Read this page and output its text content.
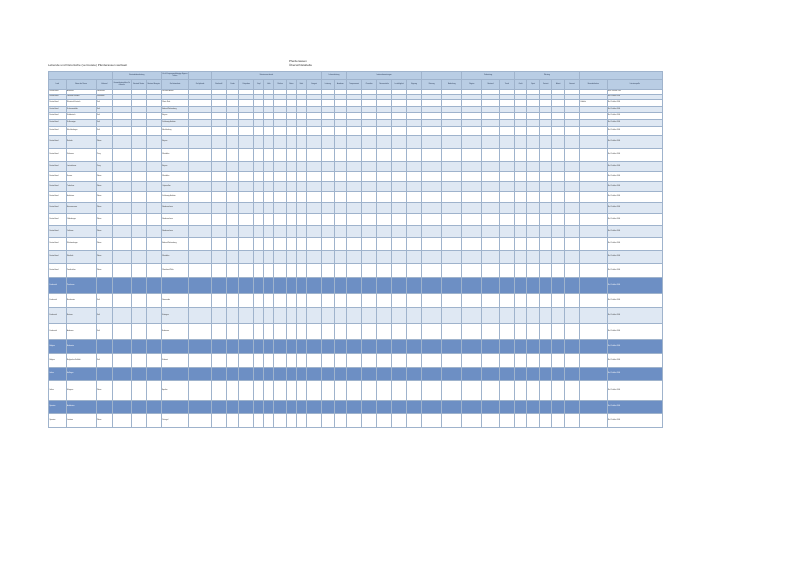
Lebende und historische (vermutete) Pferderassen weltweit
Pferderassen
Übersichtstabelle
			Bestandsbearbeitung			Zucht Ursprungsabhängige Eigenschaften		Exterieurmerkmale									Lebensleistung		Interieurbewertungen							Verbreitung			Wertung						
Land	Name der Rasse	Verband	Gesamtbestand des Zuchtbuchs	Bestand Stuten	Bestand Hengste	Zuchtstandorte	Zuchtpferde	Stockmaß	Farbe	Körperbau	Kopf	Hals	Rücken	Beine	Hufe	Gangart	Leistung	Ausdauer	Temperament	Charakter	Nervenstärke	Lernfähigkeit	Eignung	Nutzung	Bedrohung	Region	Bestand	Trend	Zucht	Sport	Freizeit	Arbeit	Gesamt	Besonderheiten	Literaturquelle
Deutschland	Altmärker	Weserland				Sachsen-Anhalt																													Hoff / Schäfer 2004
Deutschland	Lehmann Kaltblut	Rheinland																																	Ref. Schäfer 2004
Deutschland	Rheinisch-Deutsch	Kalt				Rhein Ruhr																												Kaltblut	Ref. Schäfer 2004
Deutschland	Schwarzwälder	Kalt				Baden-Württemberg																													Ref. Schäfer 2004
Deutschland	Süddeutsch	Kalt				Bayern																													Ref. Schäfer 2004
Deutschland	Schleswiger	Kalt				Schleswig-Holstein																													Ref. Schäfer 2004
Deutschland	Mecklenburger	Kalt				Mecklenburg																													Ref. Schäfer 2004
Deutschland	Rottaler	Warm				Bayern																													Ref. Schäfer 2004
Deutschland	Dülmener	Pony				Westfalen																													Ref. Schäfer 2004
Deutschland	Leutstettener	Pony				Bayern																													Ref. Schäfer 2004
Deutschland	Senner	Warm				Westfalen																													Ref. Schäfer 2004
Deutschland	Trakehner	Warm				Ostpreußen																													Ref. Schäfer 2004
Deutschland	Holsteiner	Warm				Schleswig-Holstein																													Ref. Schäfer 2004
Deutschland	Hannoveraner	Warm				Niedersachsen																													Ref. Schäfer 2004
Deutschland	Oldenburger	Warm				Niedersachsen																													Ref. Schäfer 2004
Deutschland	Ostfriese	Warm				Niedersachsen																													Ref. Schäfer 2004
Deutschland	Württemberger	Warm				Baden-Württemberg																													Ref. Schäfer 2004
Deutschland	Westfale	Warm				Westfalen																													Ref. Schäfer 2004
Deutschland	Zweibrücker	Warm				Rheinland-Pfalz																													Ref. Schäfer 2004
Frankreich	Percheron																																		Ref. Schäfer 2004
Frankreich	Boulonnais	Kalt				Normandie																													Ref. Schäfer 2004
Frankreich	Bretone	Kalt				Bretagne																													Ref. Schäfer 2004
Frankreich	Ardenner	Kalt				Ardennen																													Ref. Schäfer 2004
Belgien	Brabanter																																		Ref. Schäfer 2004
Belgien	Belgisches Kaltblut	Kalt				Brabant																													Ref. Schäfer 2004
Italien	Haflinger																																		Ref. Schäfer 2004
Italien	Murgese	Warm				Apulien																													Ref. Schäfer 2004
Spanien	Andalusier																																		Ref. Schäfer 2004
Spanien	Lusitano	Warm				Portugal																													Ref. Schäfer 2004
